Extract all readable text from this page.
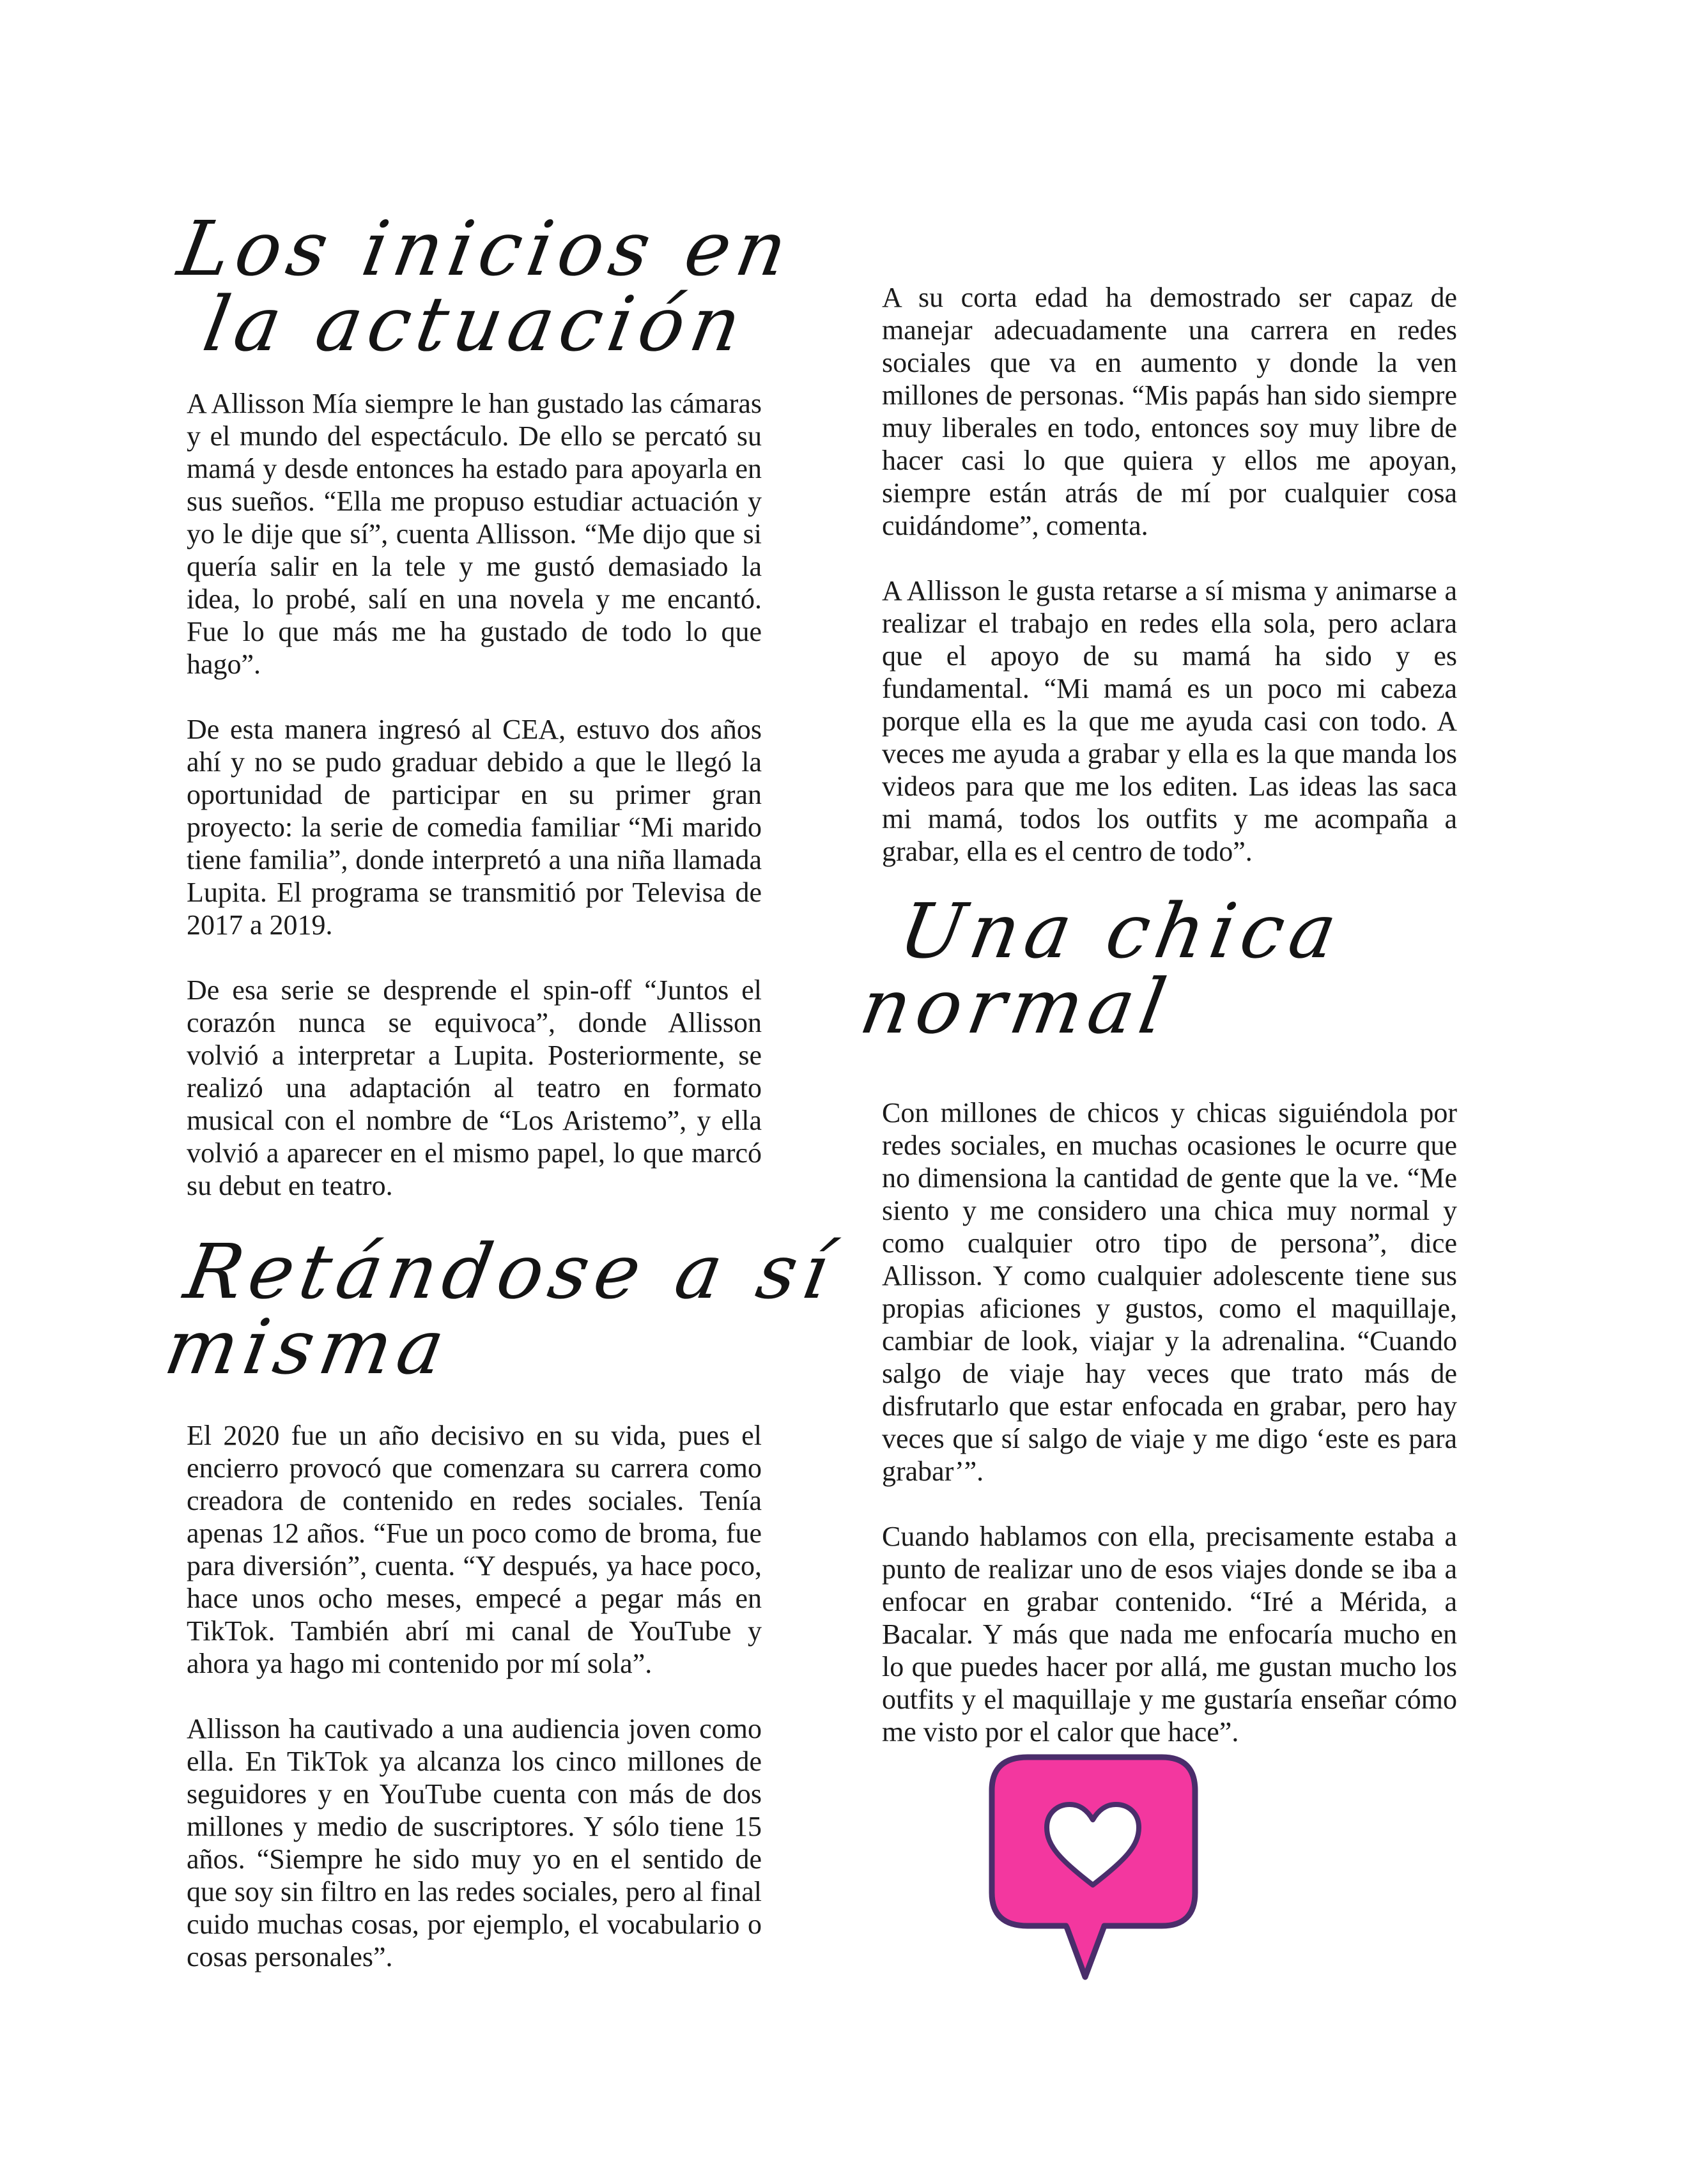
Los inicios en
la actuación

A Allisson Mía siempre le han gustado las cámaras y el mundo del espectáculo. De ello se percató su mamá y desde entonces ha estado para apoyarla en sus sueños. “Ella me propuso estudiar actuación y yo le dije que sí”, cuenta Allisson. “Me dijo que si quería salir en la tele y me gustó demasiado la idea, lo probé, salí en una novela y me encantó. Fue lo que más me ha gustado de todo lo que hago”.

De esta manera ingresó al CEA, estuvo dos años ahí y no se pudo graduar debido a que le llegó la oportunidad de participar en su primer gran proyecto: la serie de comedia familiar “Mi marido tiene familia”, donde interpretó a una niña llamada Lupita. El programa se transmitió por Televisa de 2017 a 2019.

De esa serie se desprende el spin-off “Juntos el corazón nunca se equivoca”, donde Allisson volvió a interpretar a Lupita. Posteriormente, se realizó una adaptación al teatro en formato musical con el nombre de “Los Aristemo”, y ella volvió a aparecer en el mismo papel, lo que marcó su debut en teatro.

Retándose a sí
misma

El 2020 fue un año decisivo en su vida, pues el encierro provocó que comenzara su carrera como creadora de contenido en redes sociales. Tenía apenas 12 años. “Fue un poco como de broma, fue para diversión”, cuenta. “Y después, ya hace poco, hace unos ocho meses, empecé a pegar más en TikTok. También abrí mi canal de YouTube y ahora ya hago mi contenido por mí sola”.

Allisson ha cautivado a una audiencia joven como ella. En TikTok ya alcanza los cinco millones de seguidores y en YouTube cuenta con más de dos millones y medio de suscriptores. Y sólo tiene 15 años. “Siempre he sido muy yo en el sentido de que soy sin filtro en las redes sociales, pero al final cuido muchas cosas, por ejemplo, el vocabulario o cosas personales”.

A su corta edad ha demostrado ser capaz de manejar adecuadamente una carrera en redes sociales que va en aumento y donde la ven millones de personas. “Mis papás han sido siempre muy liberales en todo, entonces soy muy libre de hacer casi lo que quiera y ellos me apoyan, siempre están atrás de mí por cualquier cosa cuidándome”, comenta.

A Allisson le gusta retarse a sí misma y animarse a realizar el trabajo en redes ella sola, pero aclara que el apoyo de su mamá ha sido y es fundamental. “Mi mamá es un poco mi cabeza porque ella es la que me ayuda casi con todo. A veces me ayuda a grabar y ella es la que manda los videos para que me los editen. Las ideas las saca mi mamá, todos los outfits y me acompaña a grabar, ella es el centro de todo”.

Una chica
normal

Con millones de chicos y chicas siguiéndola por redes sociales, en muchas ocasiones le ocurre que no dimensiona la cantidad de gente que la ve. “Me siento y me considero una chica muy normal y como cualquier otro tipo de persona”, dice Allisson. Y como cualquier adolescente tiene sus propias aficiones y gustos, como el maquillaje, cambiar de look, viajar y la adrenalina. “Cuando salgo de viaje hay veces que trato más de disfrutarlo que estar enfocada en grabar, pero hay veces que sí salgo de viaje y me digo ‘este es para grabar’”.

Cuando hablamos con ella, precisamente estaba a punto de realizar uno de esos viajes donde se iba a enfocar en grabar contenido. “Iré a Mérida, a Bacalar. Y más que nada me enfocaría mucho en lo que puedes hacer por allá, me gustan mucho los outfits y el maquillaje y me gustaría enseñar cómo me visto por el calor que hace”.
